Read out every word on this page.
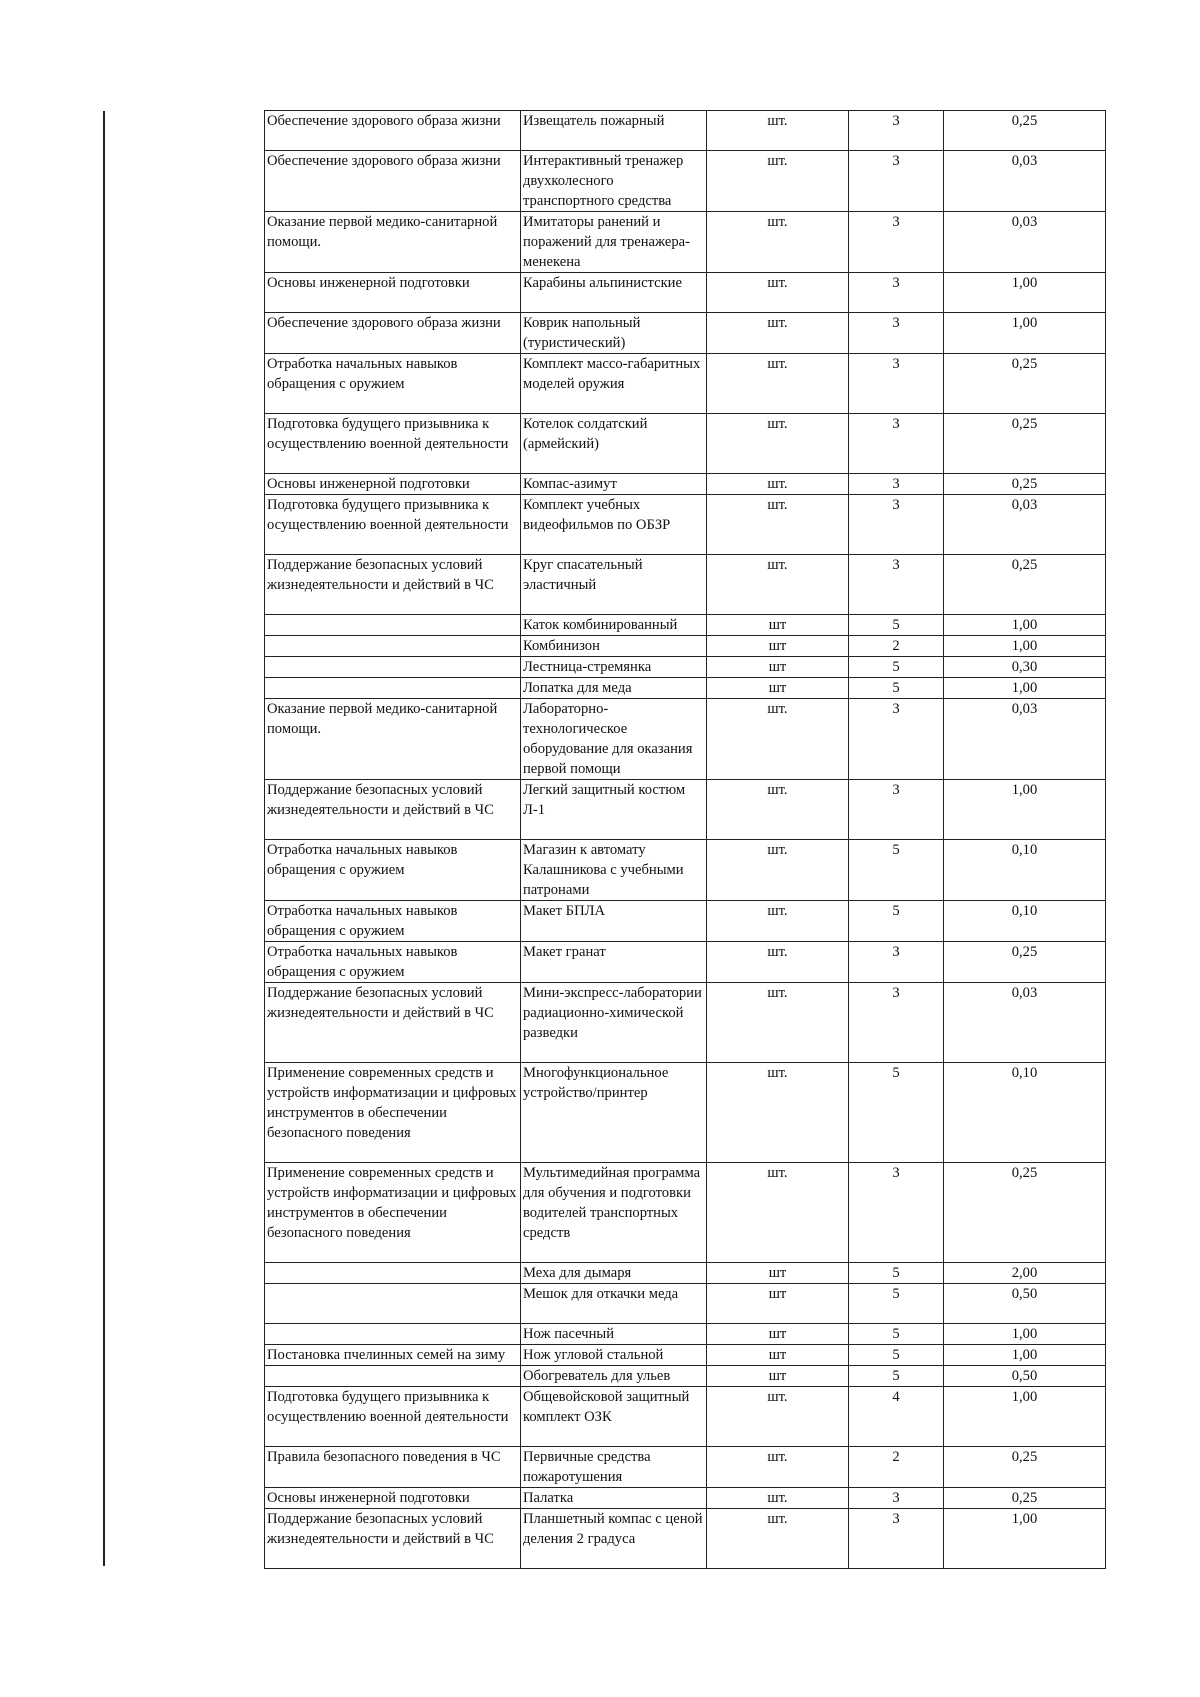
Обеспечение здорового образа жизни	Извещатель пожарный	шт.	3	0,25
Обеспечение здорового образа жизни	Интерактивный тренажер двухколесного транспортного средства	шт.	3	0,03
Оказание первой медико-санитарной помощи.	Имитаторы ранений и поражений для тренажера-менекена	шт.	3	0,03
Основы инженерной подготовки	Карабины альпинистские	шт.	3	1,00
Обеспечение здорового образа жизни	Коврик напольный (туристический)	шт.	3	1,00
Отработка начальных навыков обращения с оружием	Комплект массо-габаритных моделей оружия	шт.	3	0,25
Подготовка будущего призывника к осуществлению военной деятельности	Котелок солдатский (армейский)	шт.	3	0,25
Основы инженерной подготовки	Компас-азимут	шт.	3	0,25
Подготовка будущего призывника к осуществлению военной деятельности	Комплект учебных видеофильмов по ОБЗР	шт.	3	0,03
Поддержание безопасных условий жизнедеятельности и действий в ЧС	Круг спасательный эластичный	шт.	3	0,25
	Каток комбинированный	шт	5	1,00
	Комбинизон	шт	2	1,00
	Лестница-стремянка	шт	5	0,30
	Лопатка для меда	шт	5	1,00
Оказание первой медико-санитарной помощи.	Лабораторно-технологическое оборудование для оказания первой помощи	шт.	3	0,03
Поддержание безопасных условий жизнедеятельности и действий в ЧС	Легкий защитный костюм Л-1	шт.	3	1,00
Отработка начальных навыков обращения с оружием	Магазин к автомату Калашникова с учебными патронами	шт.	5	0,10
Отработка начальных навыков обращения с оружием	Макет БПЛА	шт.	5	0,10
Отработка начальных навыков обращения с оружием	Макет гранат	шт.	3	0,25
Поддержание безопасных условий жизнедеятельности и действий в ЧС	Мини-экспресс-лаборатории радиационно-химической разведки	шт.	3	0,03
Применение современных средств и устройств информатизации и цифровых инструментов в обеспечении безопасного поведения	Многофункциональное устройство/принтер	шт.	5	0,10
Применение современных средств и устройств информатизации и цифровых инструментов в обеспечении безопасного поведения	Мультимедийная программа для обучения и подготовки водителей транспортных средств	шт.	3	0,25
	Меха для дымаря	шт	5	2,00
	Мешок для откачки меда	шт	5	0,50
	Нож пасечный	шт	5	1,00
Постановка пчелинных семей на зиму	Нож угловой стальной	шт	5	1,00
	Обогреватель для ульев	шт	5	0,50
Подготовка будущего призывника к осуществлению военной деятельности	Общевойсковой защитный комплект ОЗК	шт.	4	1,00
Правила безопасного поведения в ЧС	Первичные средства пожаротушения	шт.	2	0,25
Основы инженерной подготовки	Палатка	шт.	3	0,25
Поддержание безопасных условий жизнедеятельности и действий в ЧС	Планшетный компас с ценой деления 2 градуса	шт.	3	1,00
